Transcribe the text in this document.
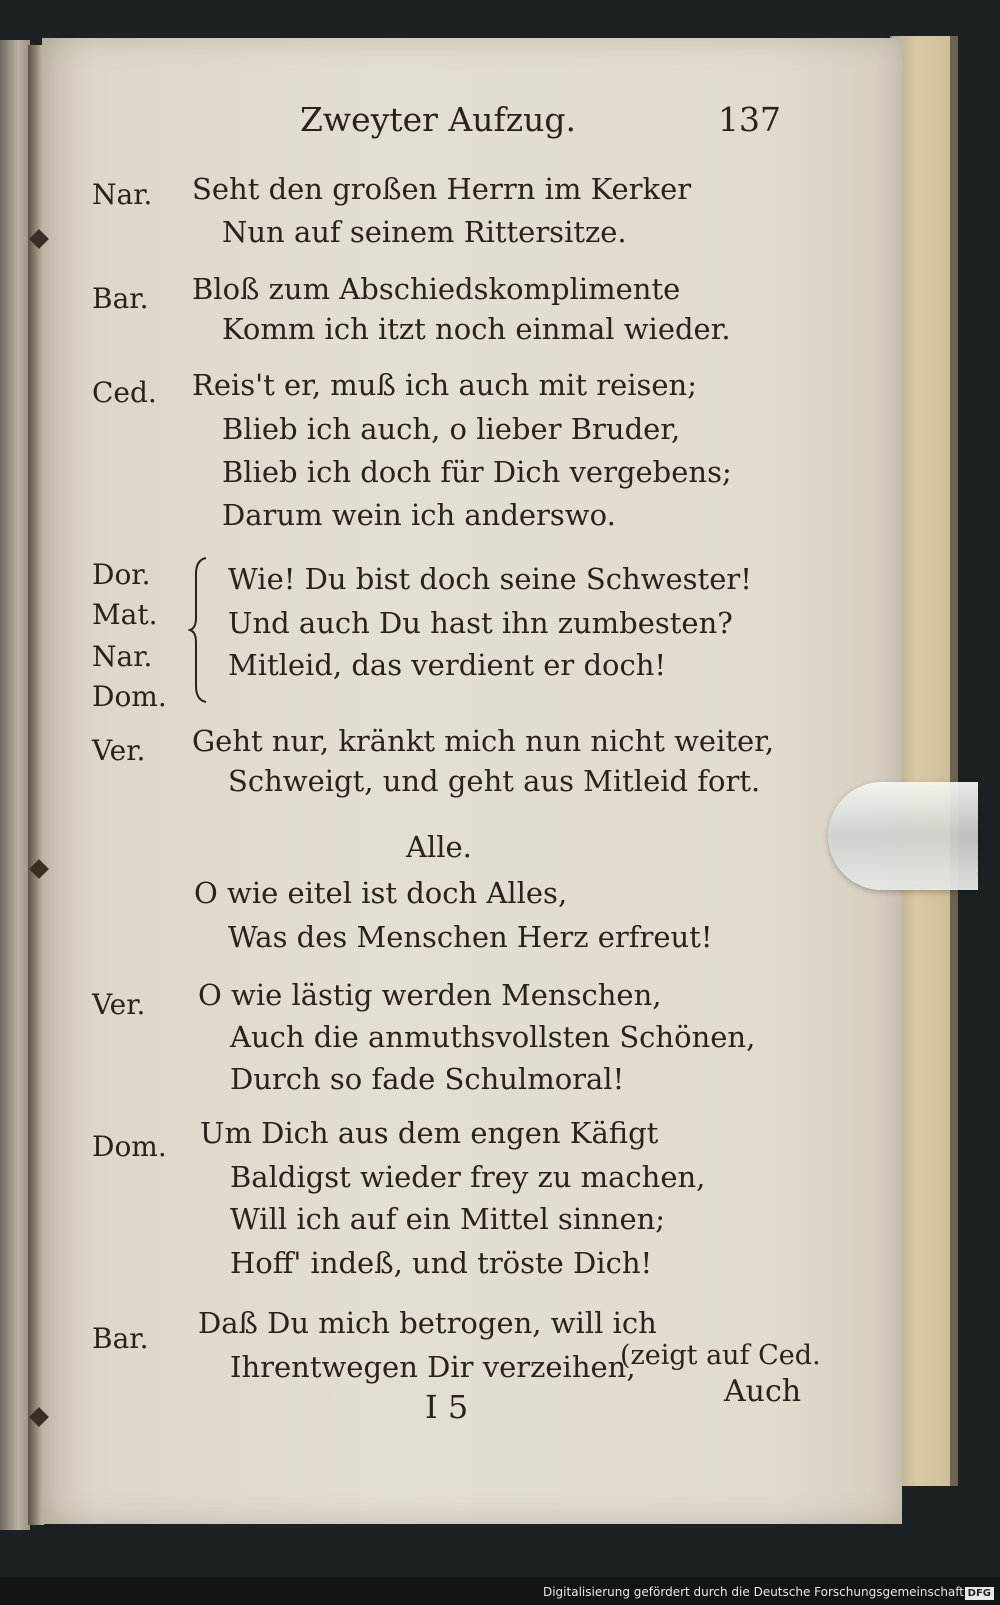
Zweyter Aufzug.	137
Nar. Seht den großen Herrn im Kerker
Nun auf seinem Rittersitze.
Bar. Bloß zum Abschiedskomplimente
Komm ich itzt noch einmal wieder.
Ced. Reis't er, muß ich auch mit reisen;
Blieb ich auch, o lieber Bruder,
Blieb ich doch für Dich vergebens;
Darum wein ich anderswo.
Dor.
Mat.
Nar.
Dom.
Wie! Du bist doch seine Schwester!
Und auch Du hast ihn zumbesten?
Mitleid, das verdient er doch!
Ver. Geht nur, kränkt mich nun nicht weiter,
Schweigt, und geht aus Mitleid fort.
Alle.
O wie eitel ist doch Alles,
Was des Menschen Herz erfreut!
Ver. O wie lästig werden Menschen,
Auch die anmuthsvollsten Schönen,
Durch so fade Schulmoral!
Dom. Um Dich aus dem engen Käfigt
Baldigst wieder frey zu machen,
Will ich auf ein Mittel sinnen;
Hoff' indeß, und tröste Dich!
Bar. Daß Du mich betrogen, will ich
Ihrentwegen Dir verzeihen,
(zeigt auf Ced.
I 5	Auch
Digitalisierung gefördert durch die Deutsche Forschungsgemeinschaft DFG
